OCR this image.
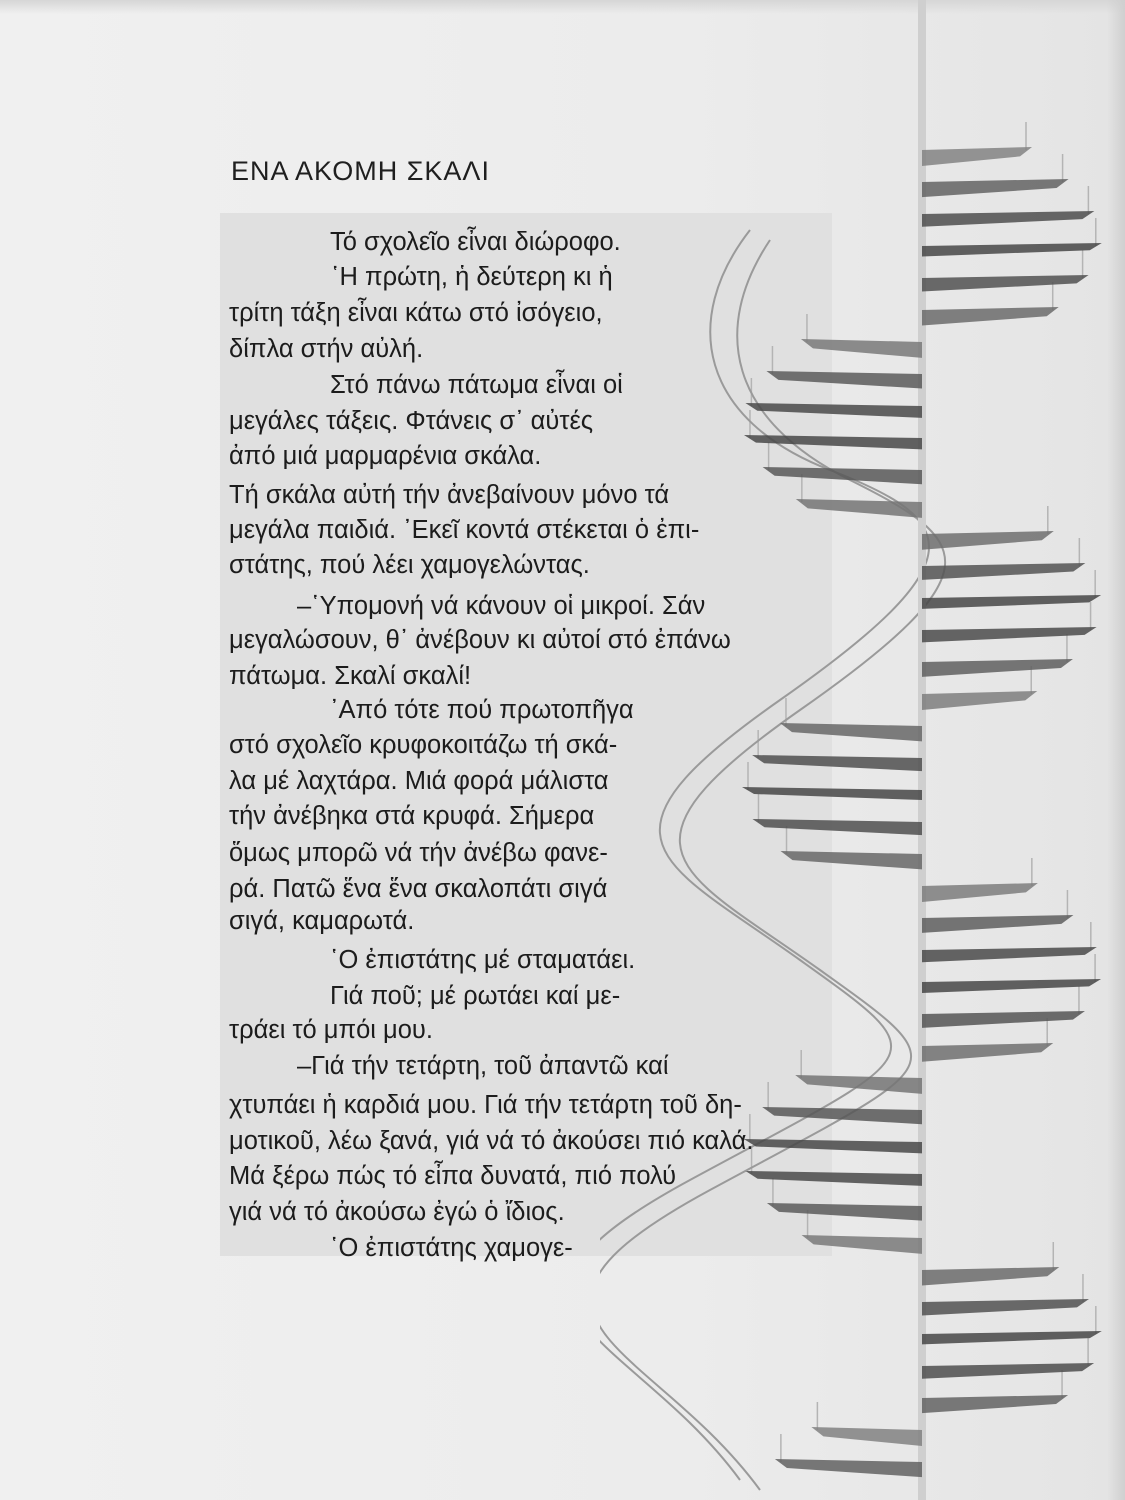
ΕΝΑ ΑΚΟΜΗ ΣΚΑΛΙ

Τό σχολεῖο εἶναι διώροφο.

῾Η πρώτη, ἡ δεύτερη κι ἡ

τρίτη τάξη εἶναι κάτω στό ἰσόγειο,

δίπλα στήν αὐλή.

Στό πάνω πάτωμα εἶναι οἱ

μεγάλες τάξεις. Φτάνεις σ᾽ αὐτές

ἀπό μιά μαρμαρένια σκάλα.

Τή σκάλα αὐτή τήν ἀνεβαίνουν μόνο τά

μεγάλα παιδιά. ᾽Εκεῖ κοντά στέκεται ὁ ἐπι-

στάτης, πού λέει χαμογελώντας.

–῾Υπομονή νά κάνουν οἱ μικροί. Σάν

μεγαλώσουν, θ᾽ ἀνέβουν κι αὐτοί στό ἐπάνω

πάτωμα. Σκαλί σκαλί!

᾽Από τότε πού πρωτοπῆγα

στό σχολεῖο κρυφοκοιτάζω τή σκά-

λα μέ λαχτάρα. Μιά φορά μάλιστα

τήν ἀνέβηκα στά κρυφά. Σήμερα

ὅμως μπορῶ νά τήν ἀνέβω φανε-

ρά. Πατῶ ἕνα ἕνα σκαλοπάτι σιγά

σιγά, καμαρωτά.

῾Ο ἐπιστάτης μέ σταματάει.

Γιά ποῦ; μέ ρωτάει καί με-

τράει τό μπόι μου.

–Γιά τήν τετάρτη, τοῦ ἀπαντῶ καί

χτυπάει ἡ καρδιά μου. Γιά τήν τετάρτη τοῦ δη-

μοτικοῦ, λέω ξανά, γιά νά τό ἀκούσει πιό καλά.

Μά ξέρω πώς τό εἶπα δυνατά, πιό πολύ

γιά νά τό ἀκούσω ἐγώ ὁ ἴδιος.

῾Ο ἐπιστάτης χαμογε-
